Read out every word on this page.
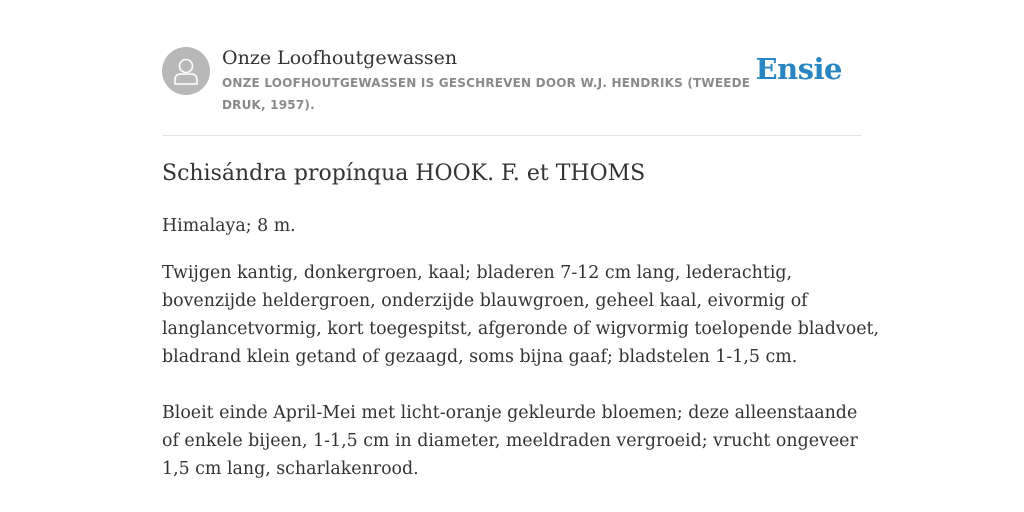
Onze Loofhoutgewassen
ONZE LOOFHOUTGEWASSEN IS GESCHREVEN DOOR W.J. HENDRIKS (TWEEDE
DRUK, 1957).
Ensie
Schisándra propínqua HOOK. F. et THOMS

Himalaya; 8 m.

Twijgen kantig, donkergroen, kaal; bladeren 7-12 cm lang, lederachtig,
bovenzijde heldergroen, onderzijde blauwgroen, geheel kaal, eivormig of
langlancetvormig, kort toegespitst, afgeronde of wigvormig toelopende bladvoet,
bladrand klein getand of gezaagd, soms bijna gaaf; bladstelen 1-1,5 cm.

Bloeit einde April-Mei met licht-oranje gekleurde bloemen; deze alleenstaande
of enkele bijeen, 1-1,5 cm in diameter, meeldraden vergroeid; vrucht ongeveer
1,5 cm lang, scharlakenrood.
